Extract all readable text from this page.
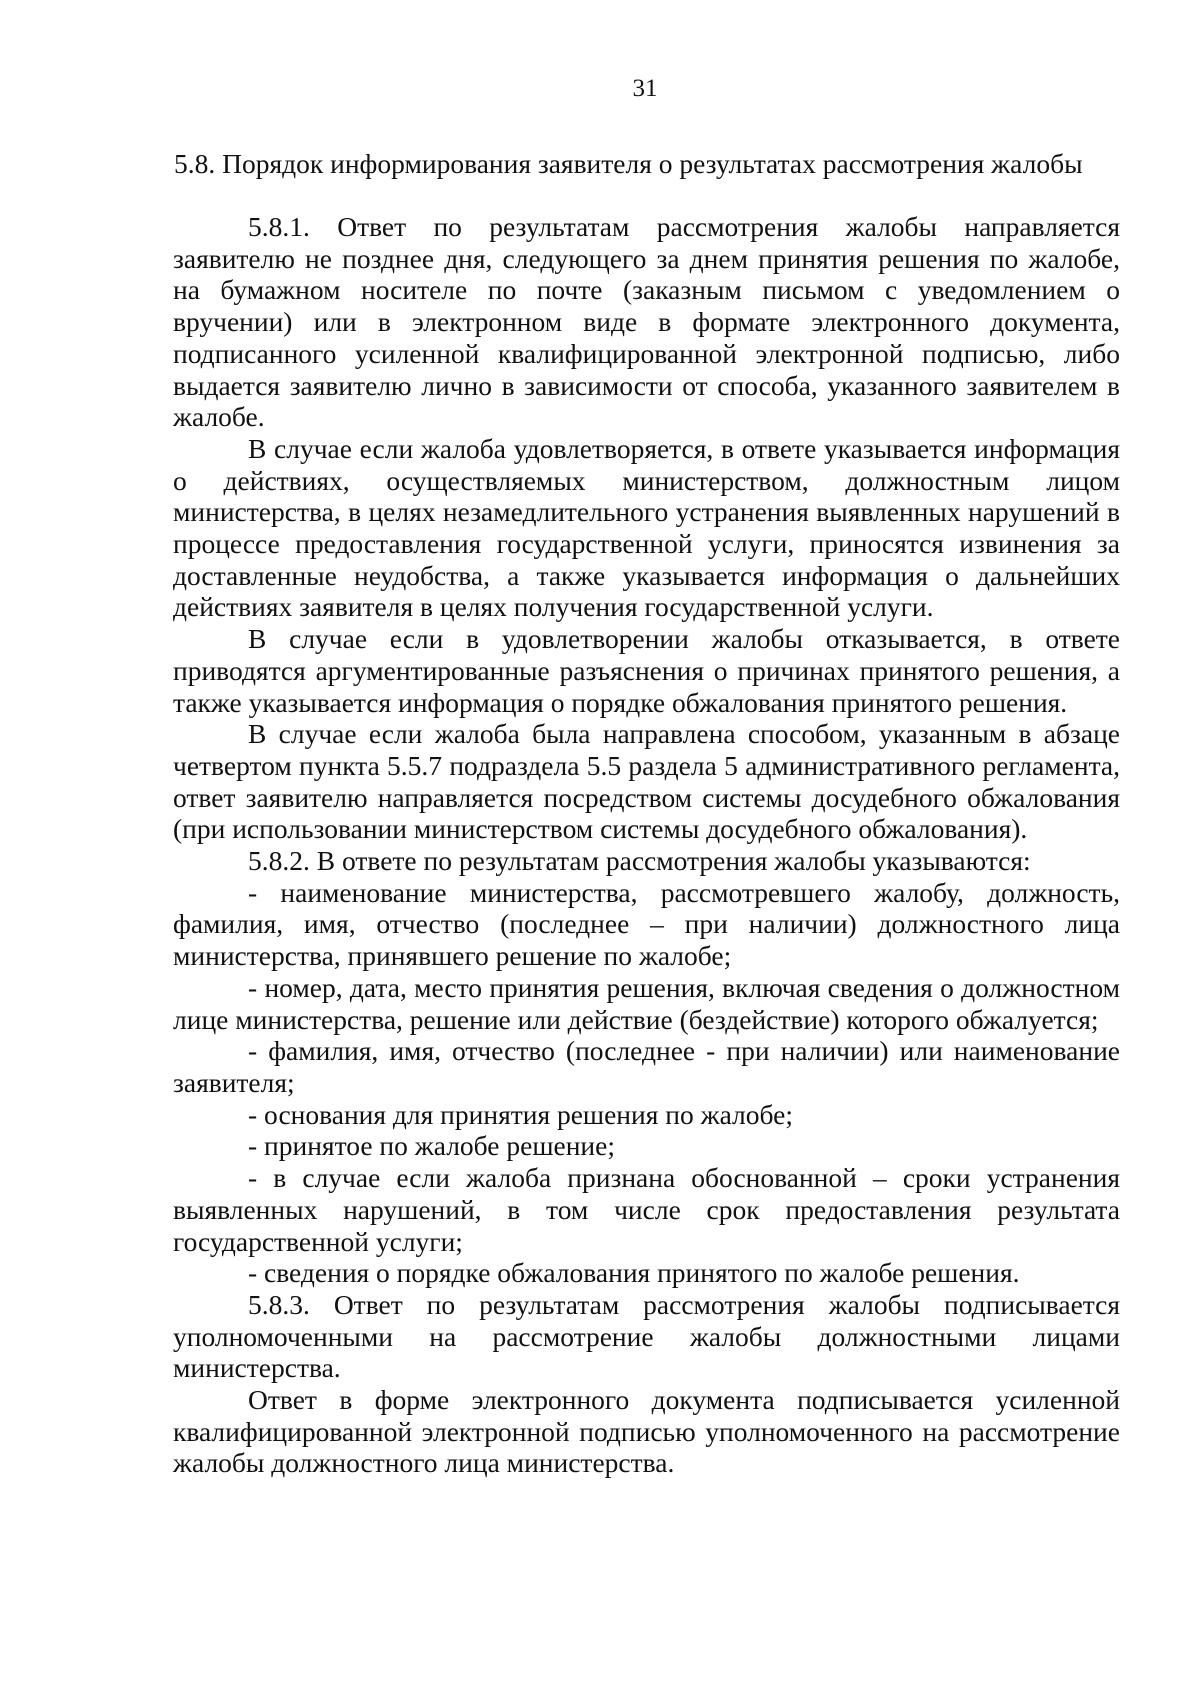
31
5.8. Порядок информирования заявителя о результатах рассмотрения жалобы

5.8.1. Ответ по результатам рассмотрения жалобы направляется заявителю не позднее дня, следующего за днем принятия решения по жалобе, на бумажном носителе по почте (заказным письмом с уведомлением о вручении) или в электронном виде в формате электронного документа, подписанного усиленной квалифицированной электронной подписью, либо выдается заявителю лично в зависимости от способа, указанного заявителем в жалобе.

В случае если жалоба удовлетворяется, в ответе указывается информация о действиях, осуществляемых министерством, должностным лицом министерства, в целях незамедлительного устранения выявленных нарушений в процессе предоставления государственной услуги, приносятся извинения за доставленные неудобства, а также указывается информация о дальнейших действиях заявителя в целях получения государственной услуги.

В случае если в удовлетворении жалобы отказывается, в ответе приводятся аргументированные разъяснения о причинах принятого решения, а также указывается информация о порядке обжалования принятого решения.

В случае если жалоба была направлена способом, указанным в абзаце четвертом пункта 5.5.7 подраздела 5.5 раздела 5 административного регламента, ответ заявителю направляется посредством системы досудебного обжалования (при использовании министерством системы досудебного обжалования).

5.8.2. В ответе по результатам рассмотрения жалобы указываются:

- наименование министерства, рассмотревшего жалобу, должность, фамилия, имя, отчество (последнее – при наличии) должностного лица министерства, принявшего решение по жалобе;

- номер, дата, место принятия решения, включая сведения о должностном лице министерства, решение или действие (бездействие) которого обжалуется;

- фамилия, имя, отчество (последнее - при наличии) или наименование заявителя;

- основания для принятия решения по жалобе;

- принятое по жалобе решение;

- в случае если жалоба признана обоснованной – сроки устранения выявленных нарушений, в том числе срок предоставления результата государственной услуги;

- сведения о порядке обжалования принятого по жалобе решения.

5.8.3. Ответ по результатам рассмотрения жалобы подписывается уполномоченными на рассмотрение жалобы должностными лицами министерства.

Ответ в форме электронного документа подписывается усиленной квалифицированной электронной подписью уполномоченного на рассмотрение жалобы должностного лица министерства.
